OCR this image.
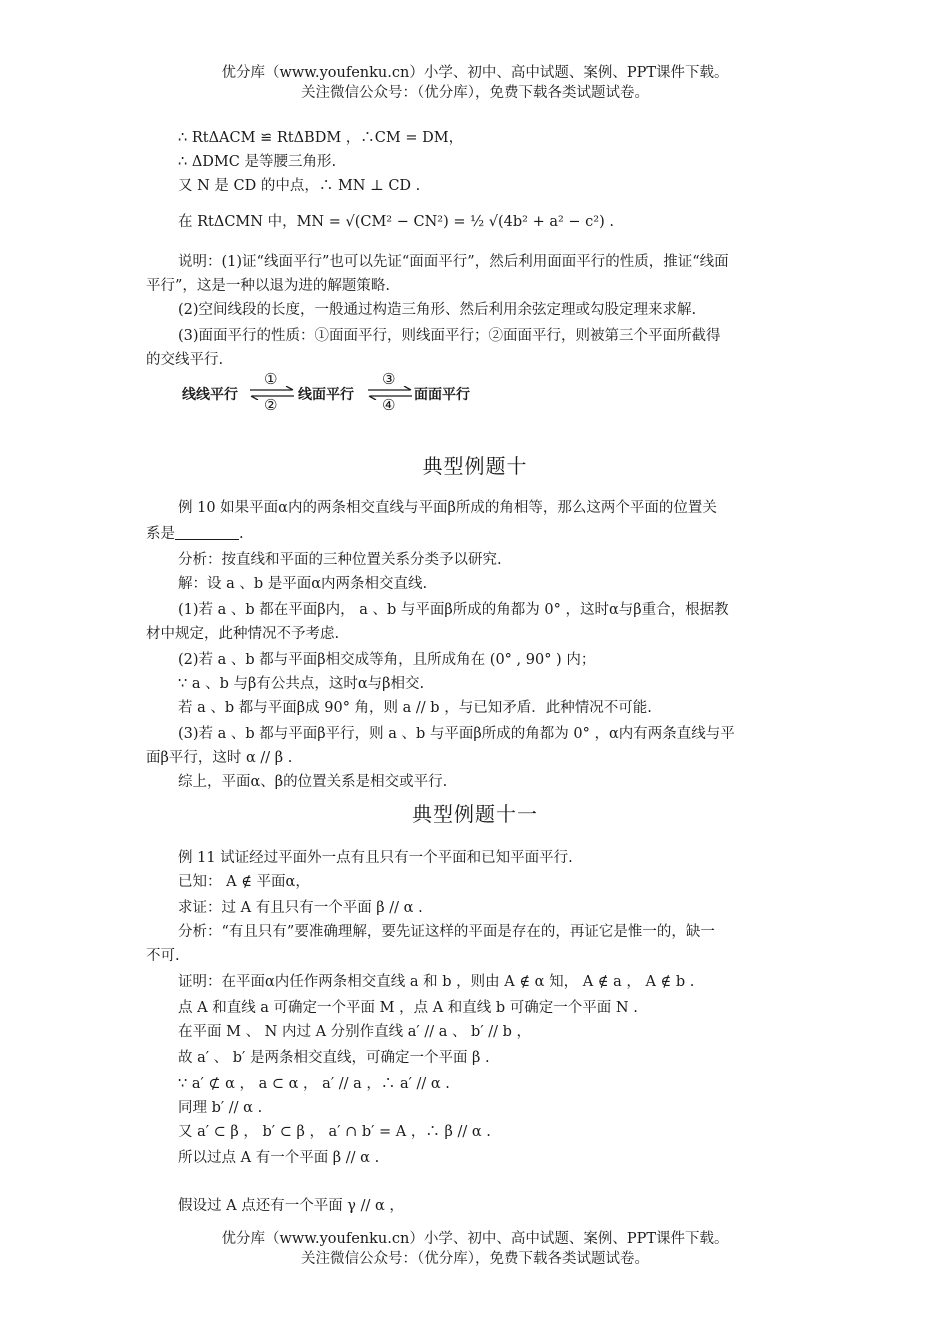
优分库（www.youfenku.cn）小学、初中、高中试题、案例、PPT课件下载。
关注微信公众号：（优分库），免费下载各类试题试卷。
∴ RtΔACM ≌ RtΔBDM ，∴CM = DM，
∴ ΔDMC 是等腰三角形.
又 N 是 CD 的中点，∴ MN ⊥ CD .
在 RtΔCMN 中，MN = √(CM² − CN²) = ½ √(4b² + a² − c²) .
说明：(1)证“线面平行”也可以先证“面面平行”，然后利用面面平行的性质，推证“线面
平行”，这是一种以退为进的解题策略.
(2)空间线段的长度，一般通过构造三角形、然后利用余弦定理或勾股定理来求解.
(3)面面平行的性质：①面面平行，则线面平行；②面面平行，则被第三个平面所截得
的交线平行.
线线平行
①
②
线面平行
③
④
面面平行
典型例题十
例 10 如果平面α内的两条相交直线与平面β所成的角相等，那么这两个平面的位置关
系是	.
分析：按直线和平面的三种位置关系分类予以研究.
解：设 a 、b 是平面α内两条相交直线.
(1)若 a 、b 都在平面β内， a 、b 与平面β所成的角都为 0° ，这时α与β重合，根据教
材中规定，此种情况不予考虑.
(2)若 a 、b 都与平面β相交成等角，且所成角在 (0° , 90° ) 内；
∵ a 、b 与β有公共点，这时α与β相交.
若 a 、b 都与平面β成 90° 角，则 a // b ，与已知矛盾．此种情况不可能.
(3)若 a 、b 都与平面β平行，则 a 、b 与平面β所成的角都为 0° ，α内有两条直线与平
面β平行，这时 α // β .
综上，平面α、β的位置关系是相交或平行.
典型例题十一
例 11 试证经过平面外一点有且只有一个平面和已知平面平行.
已知： A ∉ 平面α，
求证：过 A 有且只有一个平面 β // α .
分析：“有且只有”要准确理解，要先证这样的平面是存在的，再证它是惟一的，缺一
不可.
证明：在平面α内任作两条相交直线 a 和 b ，则由 A ∉ α 知， A ∉ a ， A ∉ b .
点 A 和直线 a 可确定一个平面 M ，点 A 和直线 b 可确定一个平面 N .
在平面 M 、 N 内过 A 分别作直线 a′ // a 、 b′ // b ，
故 a′ 、 b′ 是两条相交直线，可确定一个平面 β .
∵ a′ ⊄ α ， a ⊂ α ， a′ // a ，∴ a′ // α .
同理 b′ // α .
又 a′ ⊂ β ， b′ ⊂ β ， a′ ∩ b′ = A ，∴ β // α .
所以过点 A 有一个平面 β // α .
假设过 A 点还有一个平面 γ // α ，
优分库（www.youfenku.cn）小学、初中、高中试题、案例、PPT课件下载。
关注微信公众号：（优分库），免费下载各类试题试卷。
